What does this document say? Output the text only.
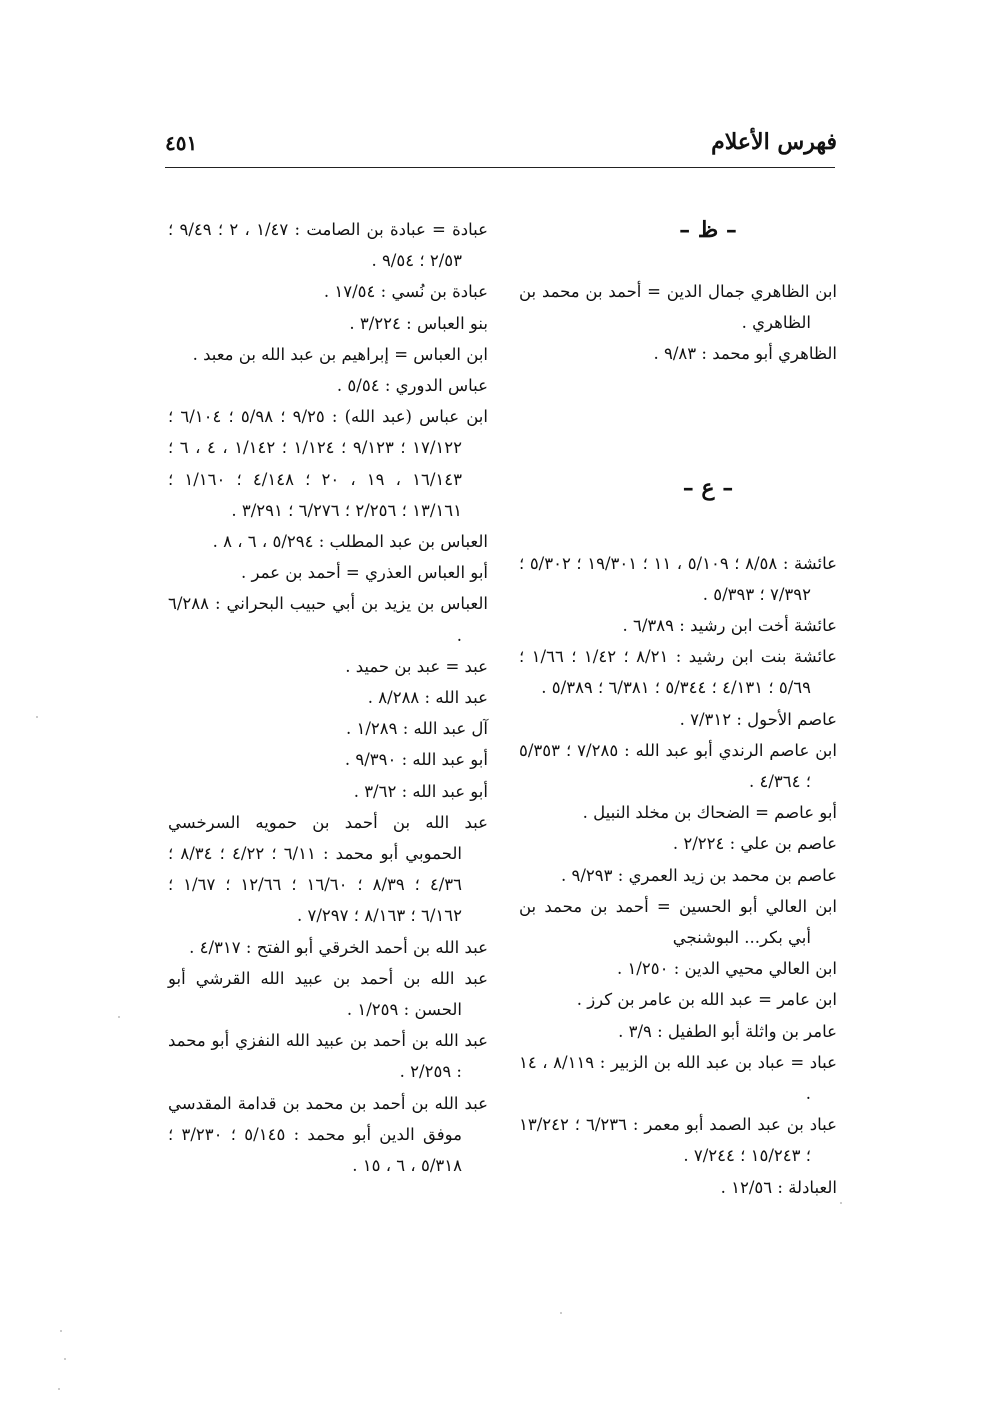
فهرس الأعلام
٤٥١
– ظ –
ابن الظاهري جمال الدين = أحمد بن محمد بن الظاهري .
الظاهري أبو محمد : ٩/٨٣ .
– ع –
عائشة : ٨/٥٨ ؛ ٥/١٠٩ ، ١١ ؛ ١٩/٣٠١ ؛ ٥/٣٠٢ ؛ ٧/٣٩٢ ؛ ٥/٣٩٣ .
عائشة أخت ابن رشيد : ٦/٣٨٩ .
عائشة بنت ابن رشيد : ٨/٢١ ؛ ١/٤٢ ؛ ١/٦٦ ؛ ٥/٦٩ ؛ ٤/١٣١ ؛ ٥/٣٤٤ ؛ ٦/٣٨١ ؛ ٥/٣٨٩ .
عاصم الأحول : ٧/٣١٢ .
ابن عاصم الرندي أبو عبد الله : ٧/٢٨٥ ؛ ٥/٣٥٣ ؛ ٤/٣٦٤ .
أبو عاصم = الضحاك بن مخلد النبيل .
عاصم بن علي : ٢/٢٢٤ .
عاصم بن محمد بن زيد العمري : ٩/٢٩٣ .
ابن العالي أبو الحسين = أحمد بن محمد بن أبي بكر... البوشنجي
ابن العالي محيي الدين : ١/٢٥٠ .
ابن عامر = عبد الله بن عامر بن كرز .
عامر بن واثلة أبو الطفيل : ٣/٩ .
عباد = عباد بن عبد الله بن الزبير : ٨/١١٩ ، ١٤ .
عباد بن عبد الصمد أبو معمر : ٦/٢٣٦ ؛ ١٣/٢٤٢ ؛ ١٥/٢٤٣ ؛ ٧/٢٤٤ .
العبادلة : ١٢/٥٦ .
عبادة = عبادة بن الصامت : ١/٤٧ ، ٢ ؛ ٩/٤٩ ؛ ٢/٥٣ ؛ ٩/٥٤ .
عبادة بن نُسي : ١٧/٥٤ .
بنو العباس : ٣/٢٢٤ .
ابن العباس = إبراهيم بن عبد الله بن معبد .
عباس الدوري : ٥/٥٤ .
ابن عباس (عبد الله) : ٩/٢٥ ؛ ٥/٩٨ ؛ ٦/١٠٤ ؛ ١٧/١٢٢ ؛ ٩/١٢٣ ؛ ١/١٢٤ ؛ ١/١٤٢ ، ٤ ، ٦ ؛ ١٦/١٤٣ ، ١٩ ، ٢٠ ؛ ٤/١٤٨ ؛ ١/١٦٠ ؛ ١٣/١٦١ ؛ ٢/٢٥٦ ؛ ٦/٢٧٦ ؛ ٣/٢٩١ .
العباس بن عبد المطلب : ٥/٢٩٤ ، ٦ ، ٨ .
أبو العباس العذري = أحمد بن عمر .
العباس بن يزيد بن أبي حبيب البحراني : ٦/٢٨٨ .
عبد = عبد بن حميد .
عبد الله : ٨/٢٨٨ .
آل عبد الله : ١/٢٨٩ .
أبو عبد الله : ٩/٣٩٠ .
أبو عبد الله : ٣/٦٢ .
عبد الله بن أحمد بن حمويه السرخسي الحموبي أبو محمد : ٦/١١ ؛ ٤/٢٢ ؛ ٨/٣٤ ؛ ٤/٣٦ ؛ ٨/٣٩ ؛ ١٦/٦٠ ؛ ١٢/٦٦ ؛ ١/٦٧ ؛ ٦/١٦٢ ؛ ٨/١٦٣ ؛ ٧/٢٩٧ .
عبد الله بن أحمد الخرقي أبو الفتح : ٤/٣١٧ .
عبد الله بن أحمد بن عبيد الله القرشي أبو الحسن : ١/٢٥٩ .
عبد الله بن أحمد بن عبيد الله النفزي أبو محمد : ٢/٢٥٩ .
عبد الله بن أحمد بن محمد بن قدامة المقدسي موفق الدين أبو محمد : ٥/١٤٥ ؛ ٣/٢٣٠ ؛ ٥/٣١٨ ، ٦ ، ١٥ .
